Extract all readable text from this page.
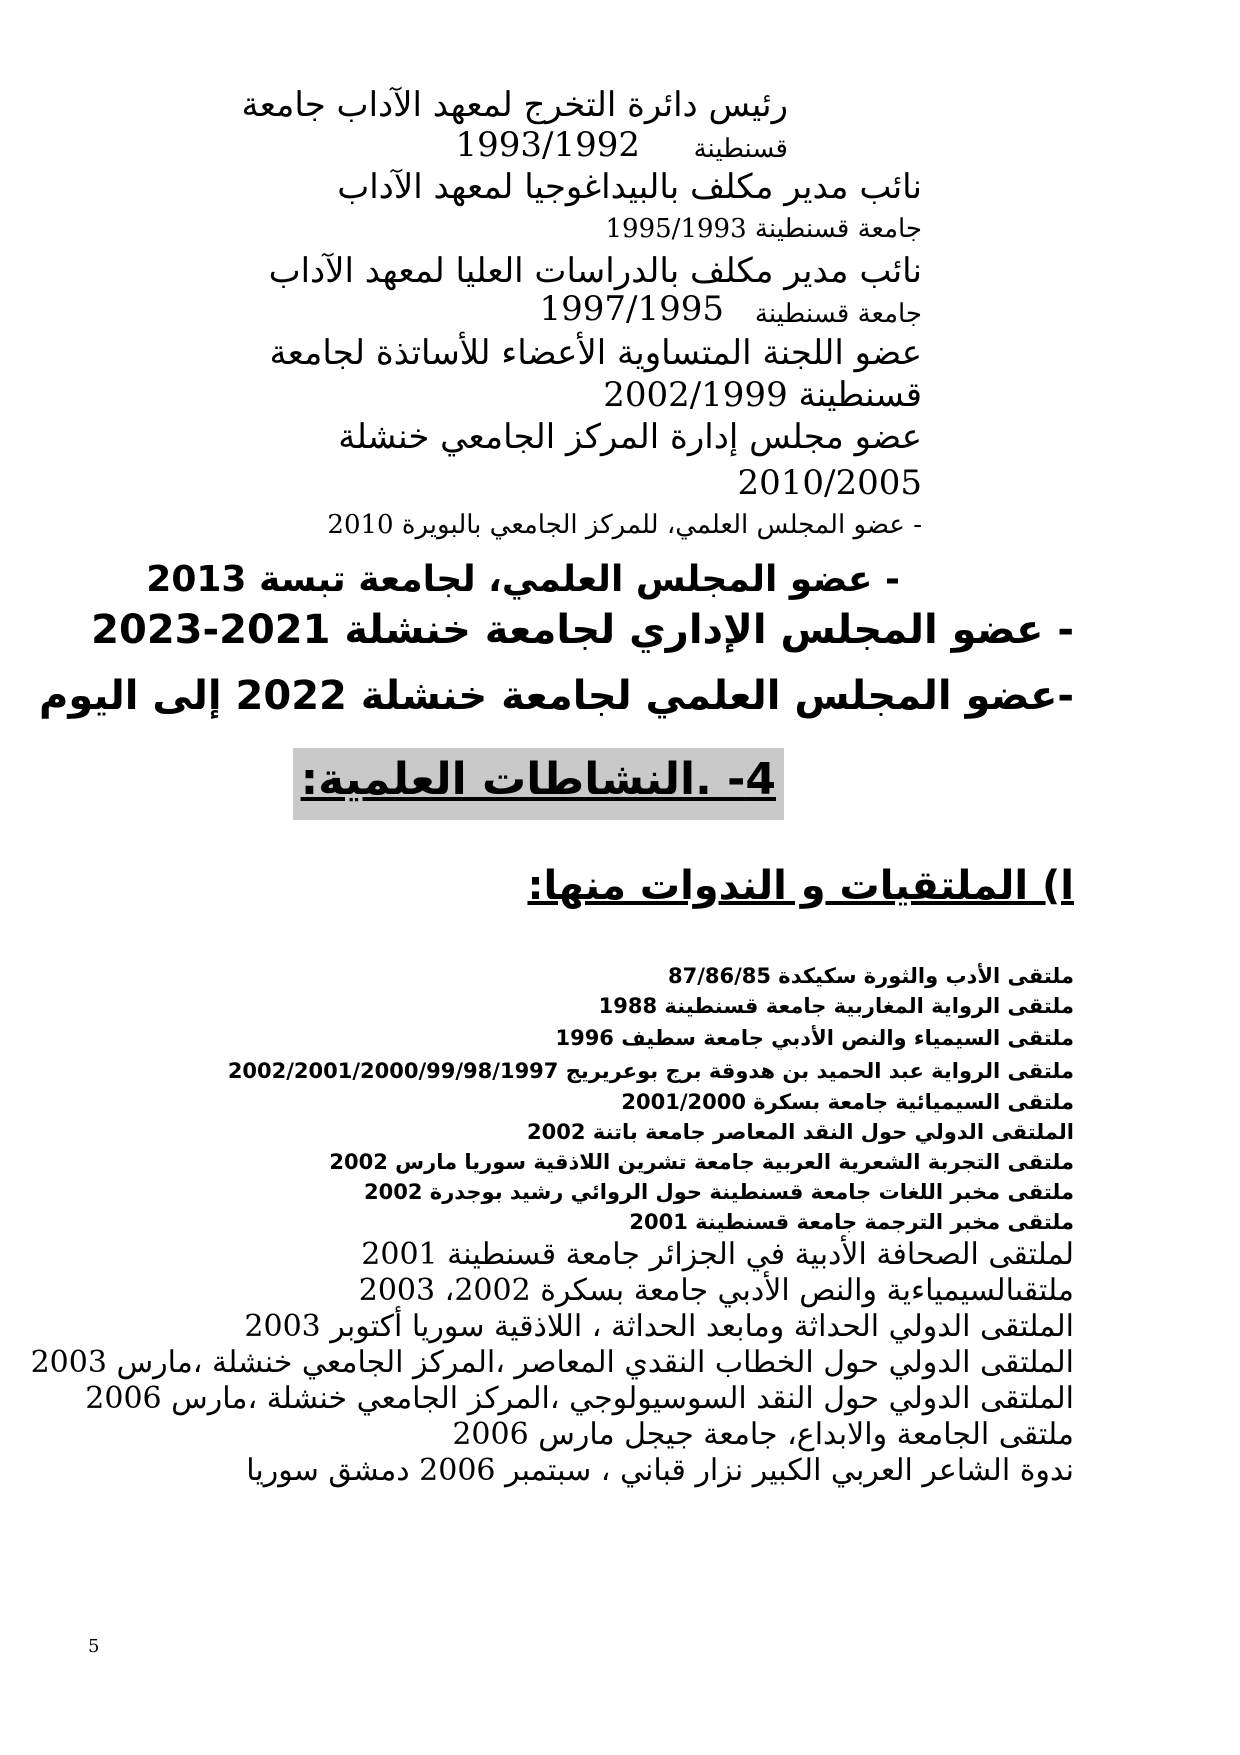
رئيس دائرة التخرج لمعهد الآداب جامعة
قسنطينة
1993/1992
نائب مدير مكلف بالبيداغوجيا لمعهد الآداب
جامعة قسنطينة 1995/1993
نائب مدير مكلف بالدراسات العليا لمعهد الآداب
جامعة قسنطينة
1997/1995
عضو اللجنة المتساوية الأعضاء للأساتذة لجامعة
قسنطينة 2002/1999
عضو مجلس إدارة المركز الجامعي خنشلة
2010/2005
- عضو المجلس العلمي، للمركز الجامعي بالبويرة 2010
- عضو المجلس العلمي، لجامعة تبسة 2013
- عضو المجلس الإداري لجامعة خنشلة 2021-2023
-عضو المجلس العلمي لجامعة خنشلة 2022 إلى اليوم
4- .النشاطات العلمية:
ا) الملتقيات و الندوات منها:
ملتقى الأدب والثورة سكيكدة 87/86/85
ملتقى الرواية المغاربية جامعة قسنطينة 1988
ملتقى السيمياء والنص الأدبي جامعة سطيف 1996
ملتقى الرواية عبد الحميد بن هدوقة برج بوعريريج 2002/2001/2000/99/98/1997
ملتقى السيميائية جامعة بسكرة 2001/2000
الملتقى الدولي حول النقد المعاصر جامعة باتنة 2002
ملتقى التجربة الشعرية العربية جامعة تشرين اللاذقية سوريا مارس 2002
ملتقى مخبر اللغات جامعة قسنطينة حول الروائي رشيد بوجدرة 2002
ملتقى مخبر الترجمة جامعة قسنطينة 2001
لملتقى الصحافة الأدبية في الجزائر جامعة قسنطينة 2001
ملتقىالسيمياءية والنص الأدبي جامعة بسكرة 2002، 2003
الملتقى الدولي الحداثة ومابعد الحداثة ، اللاذقية سوريا أكتوبر 2003
الملتقى الدولي حول الخطاب النقدي المعاصر ،المركز الجامعي خنشلة ،مارس 2003
الملتقى الدولي حول النقد السوسيولوجي ،المركز الجامعي خنشلة ،مارس 2006
ملتقى الجامعة والابداع، جامعة جيجل مارس 2006
ندوة الشاعر العربي الكبير نزار قباني ، سبتمبر 2006 دمشق سوريا
5
